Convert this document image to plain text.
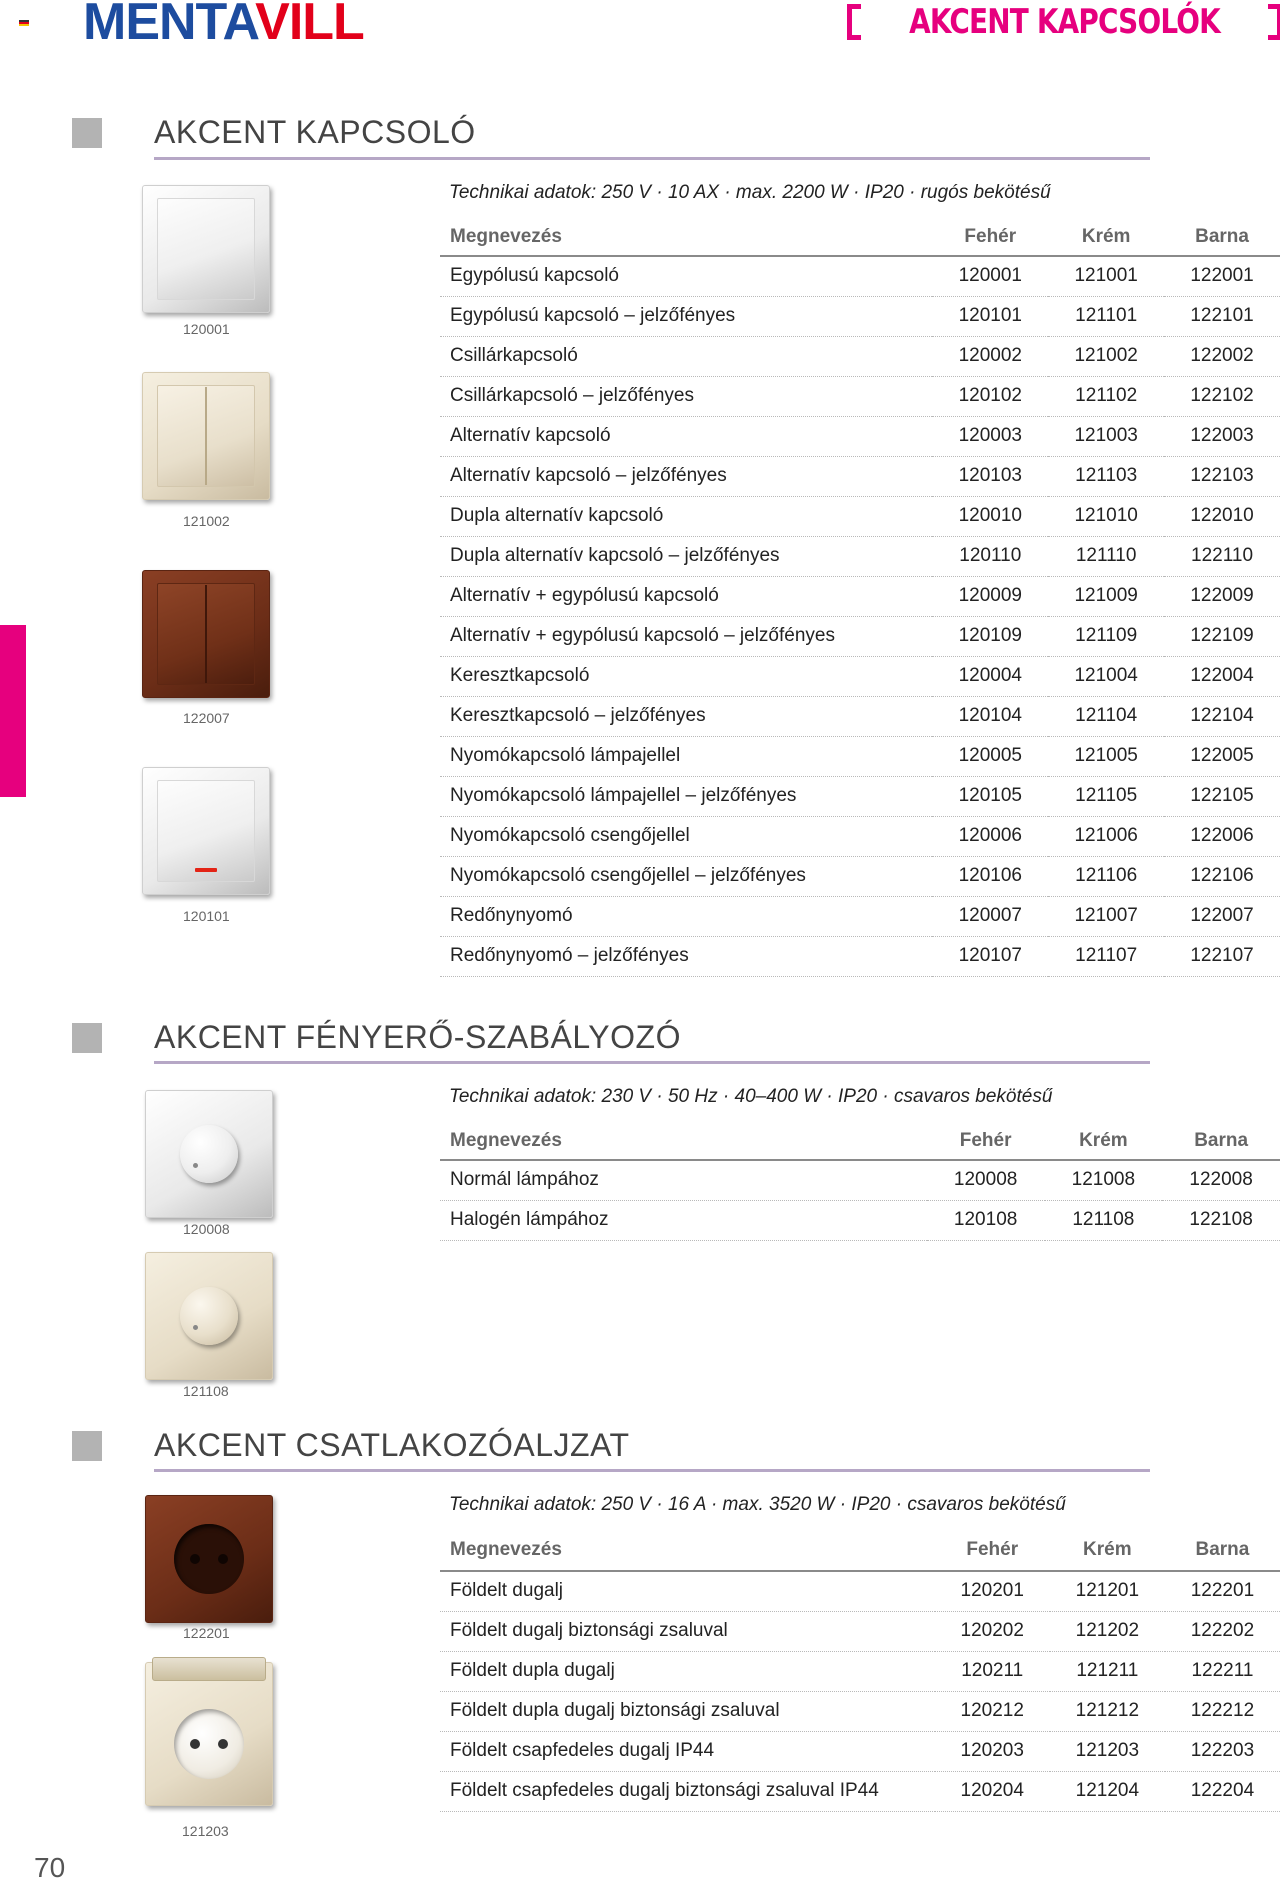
MENTAVILL	AKCENT KAPCSOLÓK
AKCENT KAPCSOLÓ
Technikai adatok: 250 V · 10 AX · max. 2200 W · IP20 · rugós bekötésű
Megnevezés	Fehér	Krém	Barna
Egypólusú kapcsoló	120001	121001	122001
Egypólusú kapcsoló – jelzőfényes	120101	121101	122101
Csillárkapcsoló	120002	121002	122002
Csillárkapcsoló – jelzőfényes	120102	121102	122102
Alternatív kapcsoló	120003	121003	122003
Alternatív kapcsoló – jelzőfényes	120103	121103	122103
Dupla alternatív kapcsoló	120010	121010	122010
Dupla alternatív kapcsoló – jelzőfényes	120110	121110	122110
Alternatív + egypólusú kapcsoló	120009	121009	122009
Alternatív + egypólusú kapcsoló – jelzőfényes	120109	121109	122109
Keresztkapcsoló	120004	121004	122004
Keresztkapcsoló – jelzőfényes	120104	121104	122104
Nyomókapcsoló lámpajellel	120005	121005	122005
Nyomókapcsoló lámpajellel – jelzőfényes	120105	121105	122105
Nyomókapcsoló csengőjellel	120006	121006	122006
Nyomókapcsoló csengőjellel – jelzőfényes	120106	121106	122106
Redőnynyomó	120007	121007	122007
Redőnynyomó – jelzőfényes	120107	121107	122107
120001
121002
122007
120101
AKCENT FÉNYERŐ-SZABÁLYOZÓ
Technikai adatok: 230 V · 50 Hz · 40–400 W · IP20 · csavaros bekötésű
Megnevezés	Fehér	Krém	Barna
Normál lámpához	120008	121008	122008
Halogén lámpához	120108	121108	122108
120008
121108
AKCENT CSATLAKOZÓALJZAT
Technikai adatok: 250 V · 16 A · max. 3520 W · IP20 · csavaros bekötésű
Megnevezés	Fehér	Krém	Barna
Földelt dugalj	120201	121201	122201
Földelt dugalj biztonsági zsaluval	120202	121202	122202
Földelt dupla dugalj	120211	121211	122211
Földelt dupla dugalj biztonsági zsaluval	120212	121212	122212
Földelt csapfedeles dugalj IP44	120203	121203	122203
Földelt csapfedeles dugalj biztonsági zsaluval IP44	120204	121204	122204
122201
121203
70
